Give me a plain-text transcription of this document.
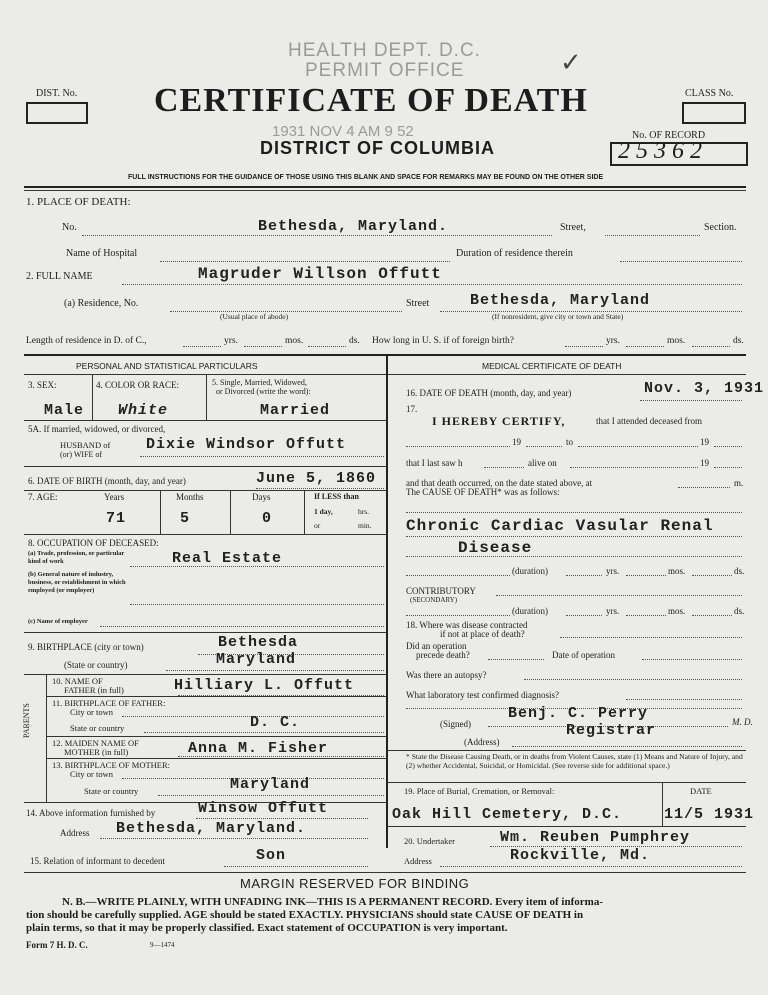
DIST. No.	CLASS No.
HEALTH DEPT. D.C.
PERMIT OFFICE
1931 NOV 4 AM 9 52
✓
CERTIFICATE OF DEATH
DISTRICT OF COLUMBIA
No. OF RECORD
25362
FULL INSTRUCTIONS FOR THE GUIDANCE OF THOSE USING THIS BLANK AND SPACE FOR REMARKS MAY BE FOUND ON THE OTHER SIDE
1. PLACE OF DEATH:
No.	Bethesda, Maryland.	Street,	Section.
Name of Hospital	Duration of residence therein
2. FULL NAME	Magruder Willson Offutt
(a) Residence, No.
(Usual place of abode)
Street	Bethesda, Maryland
(If nonresident, give city or town and State)
Length of residence in D. of C.,	yrs.	mos.	ds. How long in U. S. if of foreign birth?	yrs.	mos.	ds.
PERSONAL AND STATISTICAL PARTICULARS	MEDICAL CERTIFICATE OF DEATH
3. SEX:	4. COLOR OR RACE:	5. Single, Married, Widowed,
or Divorced (write the word):
Male White	Married
5A. If married, widowed, or divorced,
HUSBAND of
(or) WIFE of
Dixie Windsor Offutt
6. DATE OF BIRTH (month, day, and year)	June 5, 1860
7. AGE:	Years	Months	Days	If LESS than
1 day,	hrs.
or	min.
71	5	0
8. OCCUPATION OF DECEASED:
(a) Trade, profession, or particular kind of work	Real Estate
(b) General nature of industry, business, or establishment in which employed (or employer)
(c) Name of employer
9. BIRTHPLACE (city or town)	Bethesda
(State or country)	Maryland
PARENTS
10. NAME OF
FATHER (in full)	Hilliary L. Offutt
11. BIRTHPLACE OF FATHER:
City or town
State or country	D. C.
12. MAIDEN NAME OF
MOTHER (in full)	Anna M. Fisher
13. BIRTHPLACE OF MOTHER:
City or town
State or country	Maryland
14. Above information furnished by	Winsow Offutt
Address Bethesda, Maryland.
15. Relation of informant to decedent	Son
16. DATE OF DEATH (month, day, and year)	Nov. 3, 1931
17.
I HEREBY CERTIFY,	that I attended deceased from
19	to	19
that I last saw h	alive on	19
and that death occurred, on the date stated above, at	m.
The CAUSE OF DEATH* was as follows:
Chronic Cardiac Vasular Renal
Disease
(duration)	yrs.	mos.	ds.
CONTRIBUTORY
(SECONDARY)
(duration)	yrs.	mos.	ds.
18. Where was disease contracted
if not at place of death?
Did an operation
precede death?	Date of operation
Was there an autopsy?
What laboratory test confirmed diagnosis?
(Signed)
Benj. C. Perry	M. D.
Registrar
(Address)
* State the Disease Causing Death, or in deaths from Violent Causes, state (1) Means and Nature of Injury, and (2) whether Accidental, Suicidal, or Homicidal. (See reverse side for additional space.)
19. Place of Burial, Cremation, or Removal:	DATE
Oak Hill Cemetery, D.C.	11/5 1931
20. Undertaker	Wm. Reuben Pumphrey
Address	Rockville, Md.
MARGIN RESERVED FOR BINDING
N. B.—WRITE PLAINLY, WITH UNFADING INK—THIS IS A PERMANENT RECORD. Every item of informa-
tion should be carefully supplied. AGE should be stated EXACTLY. PHYSICIANS should state CAUSE OF DEATH in
plain terms, so that it may be properly classified. Exact statement of OCCUPATION is very important.
Form 7 H. D. C.	9—1474
